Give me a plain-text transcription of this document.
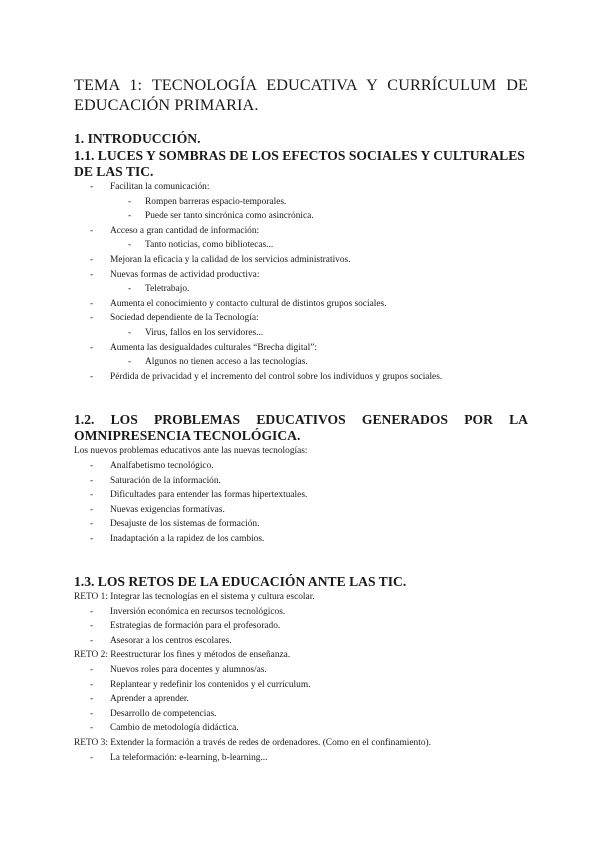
TEMA 1: TECNOLOGÍA EDUCATIVA Y CURRÍCULUM DE EDUCACIÓN PRIMARIA.
1. INTRODUCCIÓN.
1.1. LUCES Y SOMBRAS DE LOS EFECTOS SOCIALES Y CULTURALES DE LAS TIC.
- Facilitan la comunicación:
- Rompen barreras espacio-temporales.
- Puede ser tanto sincrónica como asincrónica.
- Acceso a gran cantidad de información:
- Tanto noticias, como bibliotecas...
- Mejoran la eficacia y la calidad de los servicios administrativos.
- Nuevas formas de actividad productiva:
- Teletrabajo.
- Aumenta el conocimiento y contacto cultural de distintos grupos sociales.
- Sociedad dependiente de la Tecnología:
- Virus, fallos en los servidores...
- Aumenta las desigualdades culturales “Brecha digital”:
- Algunos no tienen acceso a las tecnologías.
- Pérdida de privacidad y el incremento del control sobre los individuos y grupos sociales.
1.2. LOS PROBLEMAS EDUCATIVOS GENERADOS POR LA OMNIPRESENCIA TECNOLÓGICA.
Los nuevos problemas educativos ante las nuevas tecnologías:
- Analfabetismo tecnológico.
- Saturación de la información.
- Dificultades para entender las formas hipertextuales.
- Nuevas exigencias formativas.
- Desajuste de los sistemas de formación.
- Inadaptación a la rapidez de los cambios.
1.3. LOS RETOS DE LA EDUCACIÓN ANTE LAS TIC.
RETO 1: Integrar las tecnologías en el sistema y cultura escolar.
- Inversión económica en recursos tecnológicos.
- Estrategias de formación para el profesorado.
- Asesorar a los centros escolares.
RETO 2: Reestructurar los fines y métodos de enseñanza.
- Nuevos roles para docentes y alumnos/as.
- Replantear y redefinir los contenidos y el currículum.
- Aprender a aprender.
- Desarrollo de competencias.
- Cambio de metodología didáctica.
RETO 3: Extender la formación a través de redes de ordenadores. (Como en el confinamiento).
- La teleformación: e-learning, b-learning...
